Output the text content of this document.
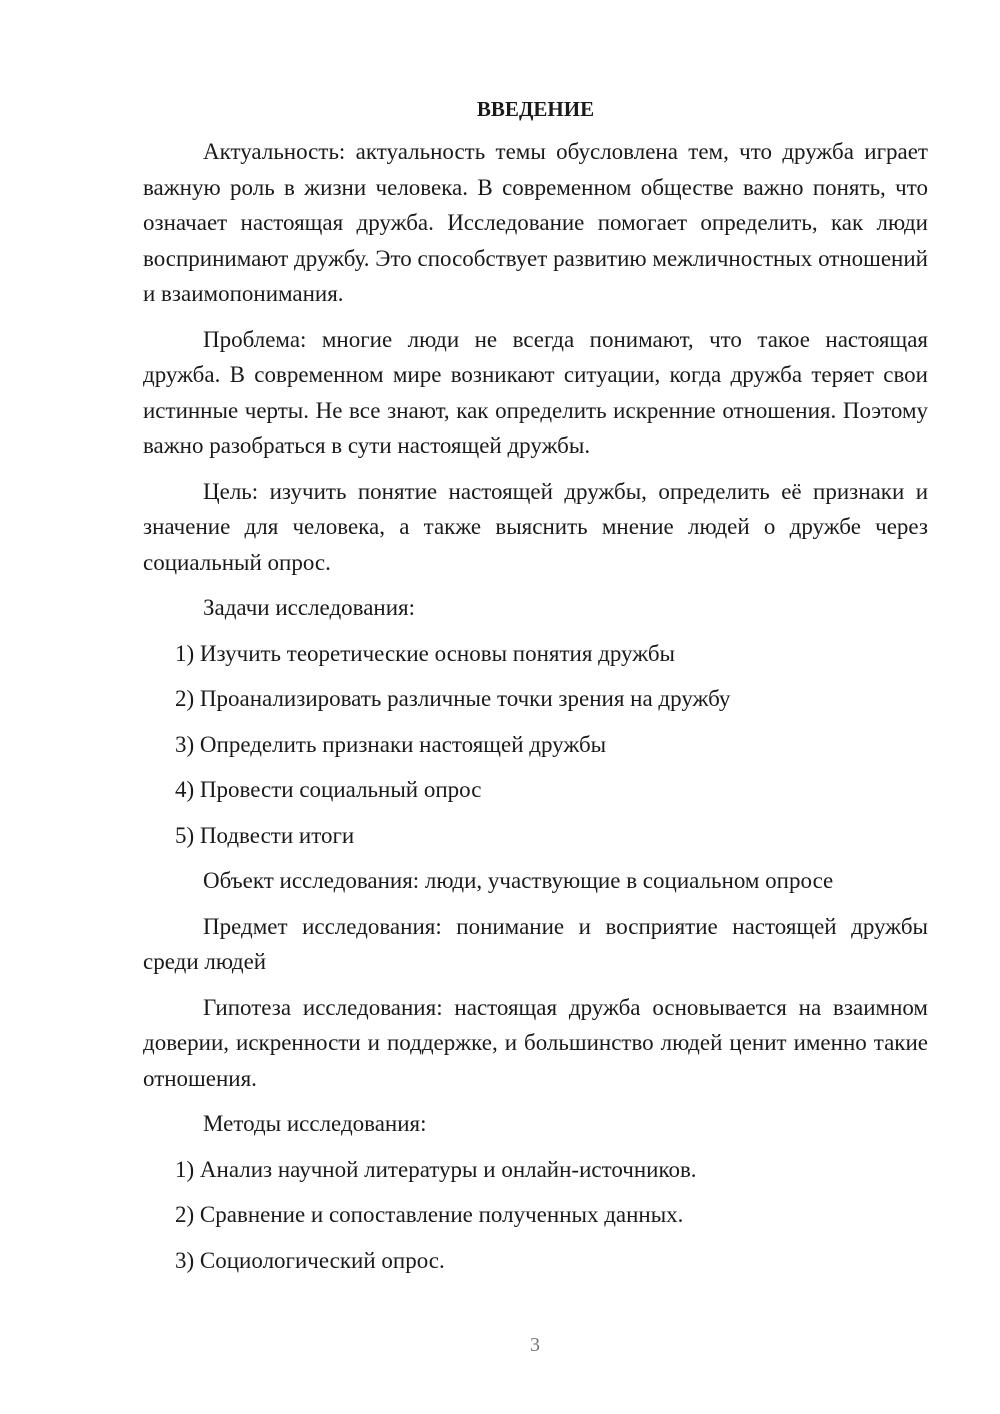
ВВЕДЕНИЕ

Актуальность: актуальность темы обусловлена тем, что дружба играет важную роль в жизни человека. В современном обществе важно понять, что означает настоящая дружба. Исследование помогает определить, как люди воспринимают дружбу. Это способствует развитию межличностных отношений и взаимопонимания.

Проблема: многие люди не всегда понимают, что такое настоящая дружба. В современном мире возникают ситуации, когда дружба теряет свои истинные черты. Не все знают, как определить искренние отношения. Поэтому важно разобраться в сути настоящей дружбы.

Цель: изучить понятие настоящей дружбы, определить её признаки и значение для человека, а также выяснить мнение людей о дружбе через социальный опрос.

Задачи исследования:
1) Изучить теоретические основы понятия дружбы
2) Проанализировать различные точки зрения на дружбу
3) Определить признаки настоящей дружбы
4) Провести социальный опрос
5) Подвести итоги
Объект исследования: люди, участвующие в социальном опросе

Предмет исследования: понимание и восприятие настоящей дружбы среди людей

Гипотеза исследования: настоящая дружба основывается на взаимном доверии, искренности и поддержке, и большинство людей ценит именно такие отношения.

Методы исследования:
1) Анализ научной литературы и онлайн-источников.
2) Сравнение и сопоставление полученных данных.
3) Социологический опрос.
3
